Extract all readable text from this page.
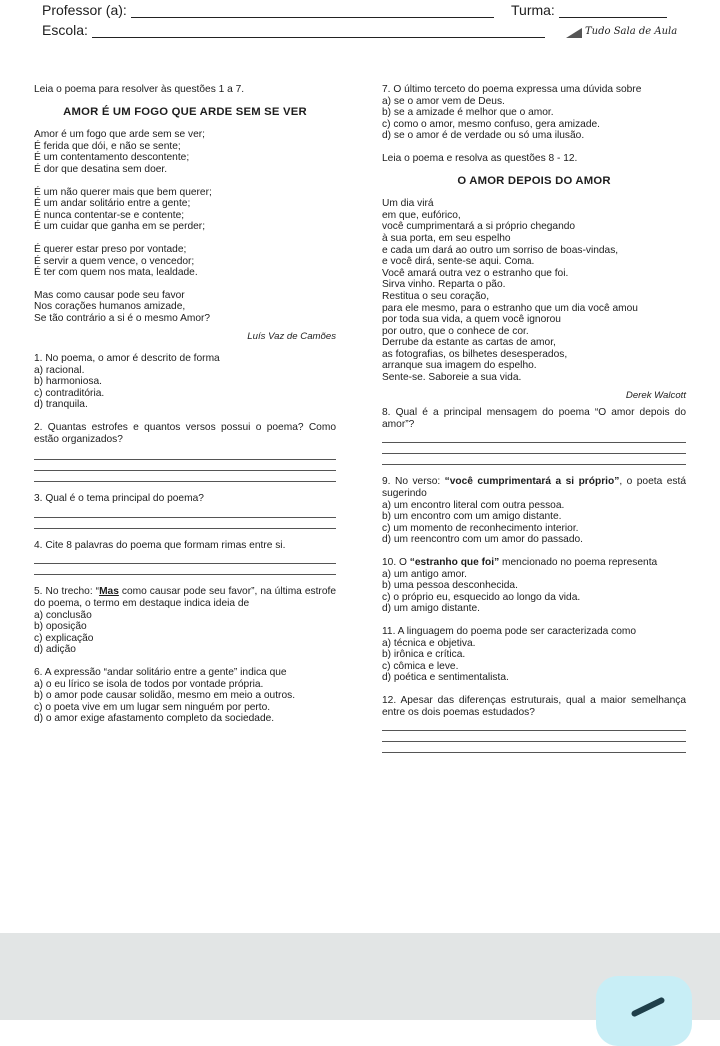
Professor (a):	Turma:
Escola:	Tudo Sala de Aula

Leia o poema para resolver às questões 1 a 7.

AMOR É UM FOGO QUE ARDE SEM SE VER

Amor é um fogo que arde sem se ver;

É ferida que dói, e não se sente;

É um contentamento descontente;

É dor que desatina sem doer.

É um não querer mais que bem querer;

É um andar solitário entre a gente;

É nunca contentar-se e contente;

É um cuidar que ganha em se perder;

É querer estar preso por vontade;

É servir a quem vence, o vencedor;

É ter com quem nos mata, lealdade.

Mas como causar pode seu favor

Nos corações humanos amizade,

Se tão contrário a si é o mesmo Amor?

Luís Vaz de Camões

1. No poema, o amor é descrito de forma

a) racional.

b) harmoniosa.

c) contraditória.

d) tranquila.

2. Quantas estrofes e quantos versos possui o poema? Como estão organizados?

3. Qual é o tema principal do poema?

4. Cite 8 palavras do poema que formam rimas entre si.

5. No trecho: “Mas como causar pode seu favor”, na última estrofe do poema, o termo em destaque indica ideia de

a) conclusão

b) oposição

c) explicação

d) adição

6. A expressão “andar solitário entre a gente” indica que

a) o eu lírico se isola de todos por vontade própria.

b) o amor pode causar solidão, mesmo em meio a outros.

c) o poeta vive em um lugar sem ninguém por perto.

d) o amor exige afastamento completo da sociedade.

7. O último terceto do poema expressa uma dúvida sobre

a) se o amor vem de Deus.

b) se a amizade é melhor que o amor.

c) como o amor, mesmo confuso, gera amizade.

d) se o amor é de verdade ou só uma ilusão.

Leia o poema e resolva as questões 8 - 12.

O AMOR DEPOIS DO AMOR

Um dia virá

em que, eufórico,

você cumprimentará a si próprio chegando

à sua porta, em seu espelho

e cada um dará ao outro um sorriso de boas-vindas,

e você dirá, sente-se aqui. Coma.

Você amará outra vez o estranho que foi.

Sirva vinho. Reparta o pão.

Restitua o seu coração,

para ele mesmo, para o estranho que um dia você amou

por toda sua vida, a quem você ignorou

por outro, que o conhece de cor.

Derrube da estante as cartas de amor,

as fotografias, os bilhetes desesperados,

arranque sua imagem do espelho.

Sente-se. Saboreie a sua vida.

Derek Walcott

8. Qual é a principal mensagem do poema “O amor depois do amor”?

9. No verso: “você cumprimentará a si próprio”, o poeta está sugerindo

a) um encontro literal com outra pessoa.

b) um encontro com um amigo distante.

c) um momento de reconhecimento interior.

d) um reencontro com um amor do passado.

10. O “estranho que foi” mencionado no poema representa

a) um antigo amor.

b) uma pessoa desconhecida.

c) o próprio eu, esquecido ao longo da vida.

d) um amigo distante.

11. A linguagem do poema pode ser caracterizada como

a) técnica e objetiva.

b) irônica e crítica.

c) cômica e leve.

d) poética e sentimentalista.

12. Apesar das diferenças estruturais, qual a maior semelhança entre os dois poemas estudados?
